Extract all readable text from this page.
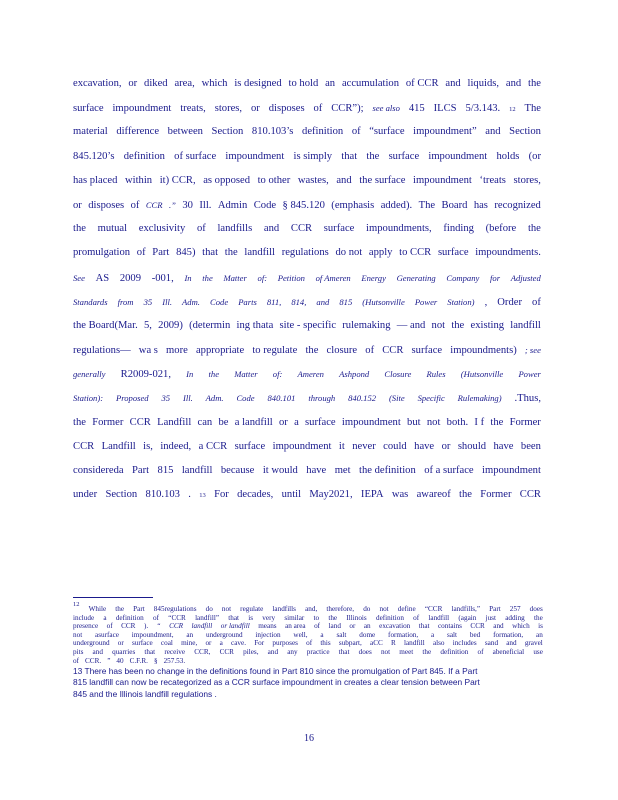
excavation, or diked area, which is designed to hold an accumulation of CCR and liquids, and the
surface impoundment treats, stores, or disposes of CCR”); see also 415 ILCS 5/3.143. 12 The
material difference between Section 810.103’s definition of “surface impoundment” and Section
845.120’s definition of surface impoundment is simply that the surface impoundment holds (or
has placed within it) CCR, as opposed to other wastes, and the surface impoundment ‘treats stores,
or disposes of CCR .” 30 Ill. Admin Code § 845.120 (emphasis added). The Board has recognized
the mutual exclusivity of landfills and CCR surface impoundments, finding (before the
promulgation of Part 845) that the landfill regulations do not apply to CCR surface impoundments.
See AS 2009 -001, In the Matter of: Petition of Ameren Energy Generating Company for Adjusted
Standards from 35 Ill. Adm. Code Parts 811, 814, and 815 (Hutsonville Power Station) , Order of
the Board(Mar. 5, 2009) (determin ing thata site - specific rulemaking — and not the existing landfill
regulations— wa s more appropriate to regulate the closure of CCR surface impoundments) ; see
generally R2009-021, In the Matter of: Ameren Ashpond Closure Rules (Hutsonville Power
Station): Proposed 35 Ill. Adm. Code 840.101 through 840.152 (Site Specific Rulemaking) .Thus,
the Former CCR Landfill can be a landfill or a surface impoundment but not both. I f the Former
CCR Landfill is, indeed, a CCR surface impoundment it never could have or should have been
considereda Part 815 landfill because it would have met the definition of a surface impoundment
under Section 810.103 . 13 For decades, until May2021, IEPA was awareof the Former CCR
12
While the Part 845regulations do not regulate landfills and, therefore, do not define “CCR landfills,” Part 257 does
include a definition of “CCR landfill” that is very similar to the Illinois definition of landfill (again just adding the
presence of CCR ). “ CCR landfill or landfill means an area of land or an excavation that contains CCR and which is
not asurface impoundment, an underground injection well, a salt dome formation, a salt bed formation, an
underground or surface coal mine, or a cave. For purposes of this subpart, aCC R landfill also includes sand and gravel
pits and quarries that receive CCR, CCR piles, and any practice that does not meet the definition of abeneficial use
of CCR. ” 40 C.F.R. § 257.53.
13 There has been no change in the definitions found in Part 810 since the promulgation of Part 845. If a Part
815 landfill can now be recategorized as a CCR surface impoundment in creates a clear tension between Part
845 and the Illinois landfill regulations .
16
